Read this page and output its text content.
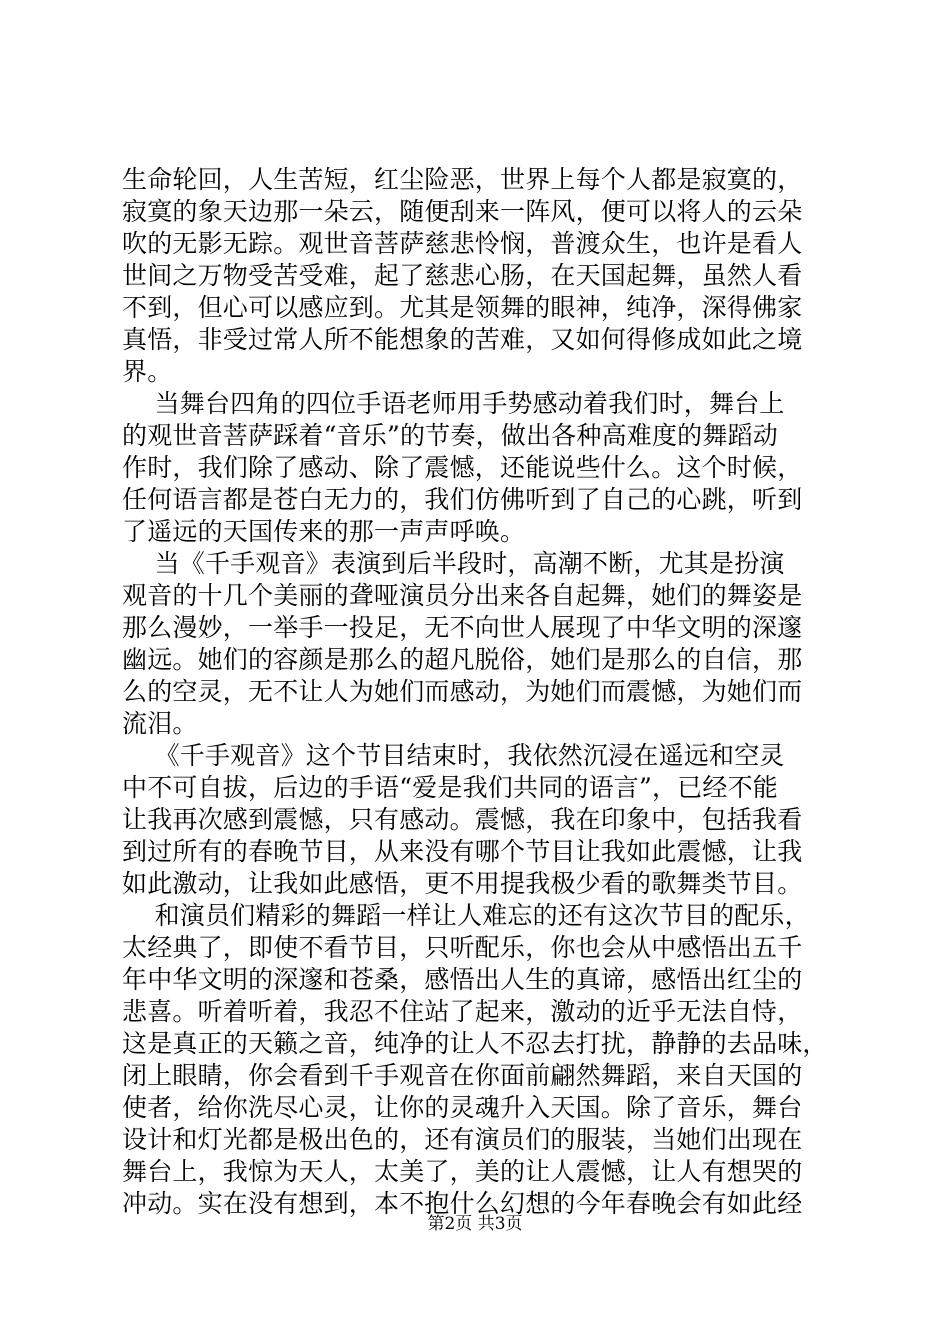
生命轮回，人生苦短，红尘险恶，世界上每个人都是寂寞的，
寂寞的象天边那一朵云，随便刮来一阵风，便可以将人的云朵
吹的无影无踪。观世音菩萨慈悲怜悯，普渡众生，也许是看人
世间之万物受苦受难，起了慈悲心肠，在天国起舞，虽然人看
不到，但心可以感应到。尤其是领舞的眼神，纯净，深得佛家
真悟，非受过常人所不能想象的苦难，又如何得修成如此之境
界。
当舞台四角的四位手语老师用手势感动着我们时，舞台上
的观世音菩萨踩着“音乐”的节奏，做出各种高难度的舞蹈动
作时，我们除了感动、除了震憾，还能说些什么。这个时候，
任何语言都是苍白无力的，我们仿佛听到了自己的心跳，听到
了遥远的天国传来的那一声声呼唤。
当《千手观音》表演到后半段时，高潮不断，尤其是扮演
观音的十几个美丽的聋哑演员分出来各自起舞，她们的舞姿是
那么漫妙，一举手一投足，无不向世人展现了中华文明的深邃
幽远。她们的容颜是那么的超凡脱俗，她们是那么的自信，那
么的空灵，无不让人为她们而感动，为她们而震憾，为她们而
流泪。
《千手观音》这个节目结束时，我依然沉浸在遥远和空灵
中不可自拔，后边的手语“爱是我们共同的语言”，已经不能
让我再次感到震憾，只有感动。震憾，我在印象中，包括我看
到过所有的春晚节目，从来没有哪个节目让我如此震憾，让我
如此激动，让我如此感悟，更不用提我极少看的歌舞类节目。
和演员们精彩的舞蹈一样让人难忘的还有这次节目的配乐，
太经典了，即使不看节目，只听配乐，你也会从中感悟出五千
年中华文明的深邃和苍桑，感悟出人生的真谛，感悟出红尘的
悲喜。听着听着，我忍不住站了起来，激动的近乎无法自恃，
这是真正的天籁之音，纯净的让人不忍去打扰，静静的去品味，
闭上眼睛，你会看到千手观音在你面前翩然舞蹈，来自天国的
使者，给你洗尽心灵，让你的灵魂升入天国。除了音乐，舞台
设计和灯光都是极出色的，还有演员们的服装，当她们出现在
舞台上，我惊为天人，太美了，美的让人震憾，让人有想哭的
冲动。实在没有想到，本不抱什么幻想的今年春晚会有如此经
第2页 共3页
